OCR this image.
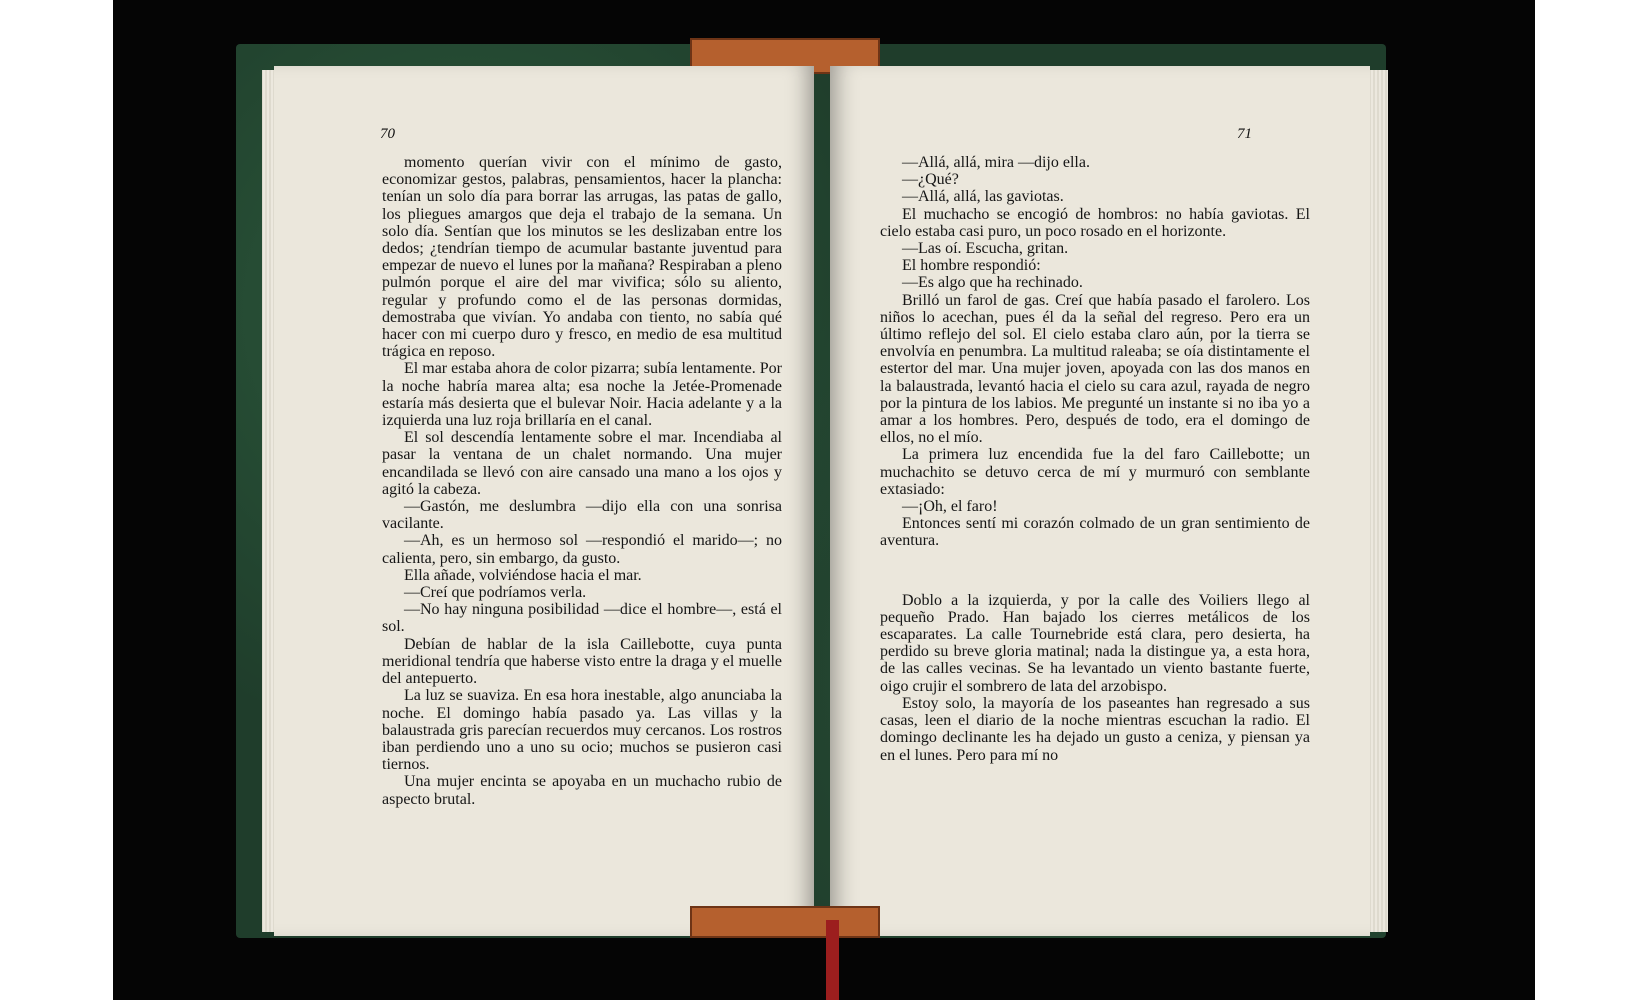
70

momento querían vivir con el mínimo de gasto, economizar gestos, palabras, pensamientos, hacer la plancha: tenían un solo día para borrar las arrugas, las patas de gallo, los pliegues amargos que deja el trabajo de la semana. Un solo día. Sentían que los minutos se les deslizaban entre los dedos; ¿tendrían tiempo de acumular bastante juventud para empezar de nuevo el lunes por la mañana? Respiraban a pleno pulmón porque el aire del mar vivifica; sólo su aliento, regular y profundo como el de las personas dormidas, demostraba que vivían. Yo andaba con tiento, no sabía qué hacer con mi cuerpo duro y fresco, en medio de esa multitud trágica en reposo.

El mar estaba ahora de color pizarra; subía lentamente. Por la noche habría marea alta; esa noche la Jetée-Promenade estaría más desierta que el bulevar Noir. Hacia adelante y a la izquierda una luz roja brillaría en el canal.

El sol descendía lentamente sobre el mar. Incendiaba al pasar la ventana de un chalet normando. Una mujer encandilada se llevó con aire cansado una mano a los ojos y agitó la cabeza.

—Gastón, me deslumbra —dijo ella con una sonrisa vacilante.

—Ah, es un hermoso sol —respondió el marido—; no calienta, pero, sin embargo, da gusto.

Ella añade, volviéndose hacia el mar.

—Creí que podríamos verla.

—No hay ninguna posibilidad —dice el hombre—, está el sol.

Debían de hablar de la isla Caillebotte, cuya punta meridional tendría que haberse visto entre la draga y el muelle del antepuerto.

La luz se suaviza. En esa hora inestable, algo anunciaba la noche. El domingo había pasado ya. Las villas y la balaustrada gris parecían recuerdos muy cercanos. Los rostros iban perdiendo uno a uno su ocio; muchos se pusieron casi tiernos.

Una mujer encinta se apoyaba en un muchacho rubio de aspecto brutal.

71

—Allá, allá, mira —dijo ella.

—¿Qué?

—Allá, allá, las gaviotas.

El muchacho se encogió de hombros: no había gaviotas. El cielo estaba casi puro, un poco rosado en el horizonte.

—Las oí. Escucha, gritan.

El hombre respondió:

—Es algo que ha rechinado.

Brilló un farol de gas. Creí que había pasado el farolero. Los niños lo acechan, pues él da la señal del regreso. Pero era un último reflejo del sol. El cielo estaba claro aún, por la tierra se envolvía en penumbra. La multitud raleaba; se oía distintamente el estertor del mar. Una mujer joven, apoyada con las dos manos en la balaustrada, levantó hacia el cielo su cara azul, rayada de negro por la pintura de los labios. Me pregunté un instante si no iba yo a amar a los hombres. Pero, después de todo, era el domingo de ellos, no el mío.

La primera luz encendida fue la del faro Caillebotte; un muchachito se detuvo cerca de mí y murmuró con semblante extasiado:

—¡Oh, el faro!

Entonces sentí mi corazón colmado de un gran sentimiento de aventura.

Doblo a la izquierda, y por la calle des Voiliers llego al pequeño Prado. Han bajado los cierres metálicos de los escaparates. La calle Tournebride está clara, pero desierta, ha perdido su breve gloria matinal; nada la distingue ya, a esta hora, de las calles vecinas. Se ha levantado un viento bastante fuerte, oigo crujir el sombrero de lata del arzobispo.

Estoy solo, la mayoría de los paseantes han regresado a sus casas, leen el diario de la noche mientras escuchan la radio. El domingo declinante les ha dejado un gusto a ceniza, y piensan ya en el lunes. Pero para mí no
